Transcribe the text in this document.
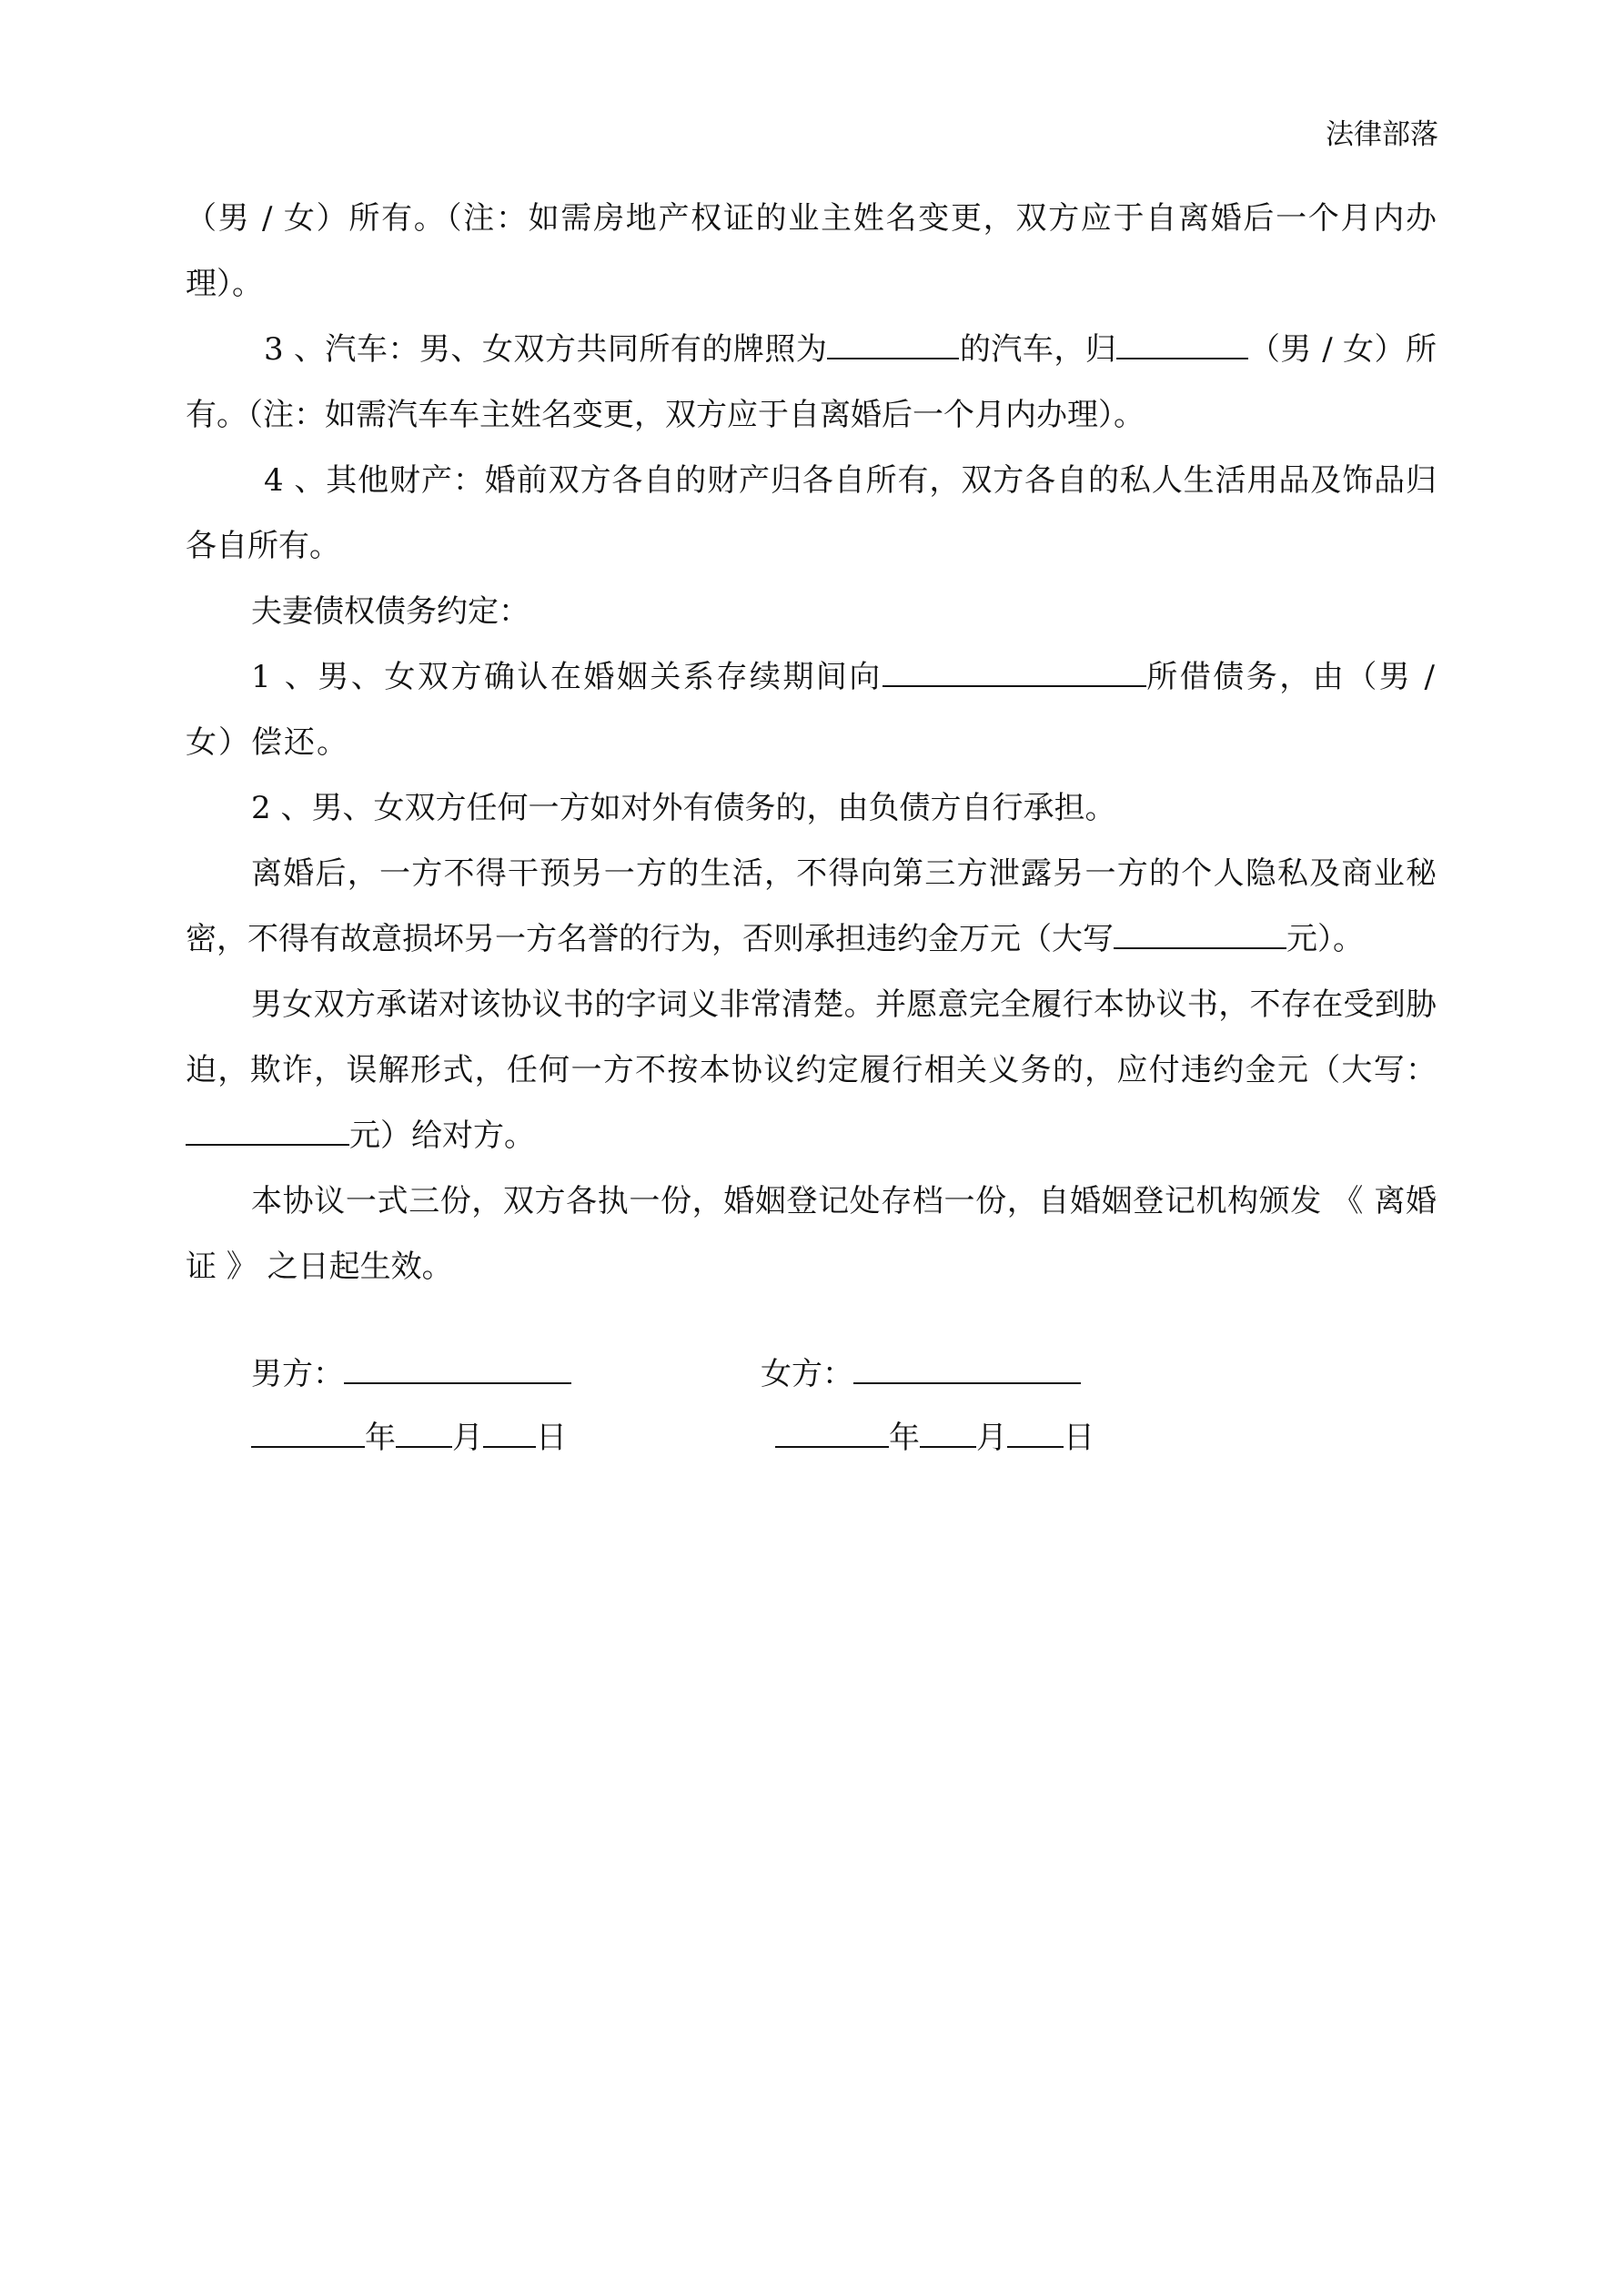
法律部落

（男 / 女）所有。（注：如需房地产权证的业主姓名变更，双方应于自离婚后一个月内办理）。

3 、汽车：男、女双方共同所有的牌照为	的汽车，归	（男 / 女）所有。（注：如需汽车车主姓名变更，双方应于自离婚后一个月内办理）。

4 、其他财产：婚前双方各自的财产归各自所有，双方各自的私人生活用品及饰品归各自所有。

夫妻债权债务约定：

1 、男、女双方确认在婚姻关系存续期间向	所借债务，由（男 / 女）偿还。

2 、男、女双方任何一方如对外有债务的，由负债方自行承担。

离婚后，一方不得干预另一方的生活，不得向第三方泄露另一方的个人隐私及商业秘密，不得有故意损坏另一方名誉的行为，否则承担违约金万元（大写	元）。

男女双方承诺对该协议书的字词义非常清楚。并愿意完全履行本协议书，不存在受到胁迫，欺诈，误解形式，任何一方不按本协议约定履行相关义务的，应付违约金元（大写：元）给对方。

本协议一式三份，双方各执一份，婚姻登记处存档一份，自婚姻登记机构颁发 《 离婚证 》 之日起生效。

男方：
年 月 日
女方：
年 月 日
